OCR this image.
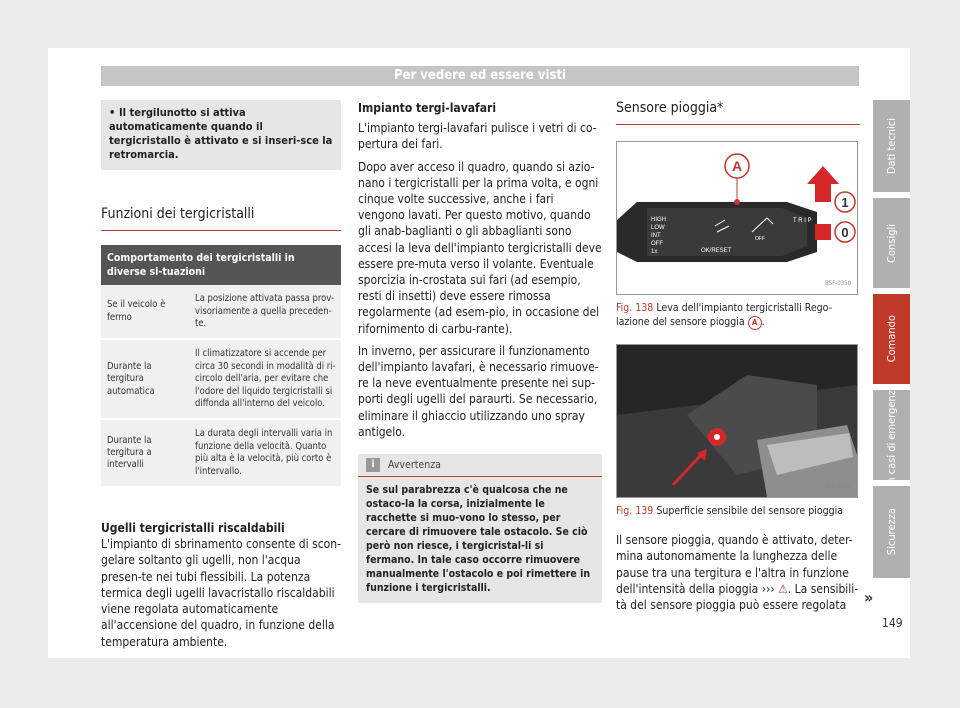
Per vedere ed essere visti
• Il tergilunotto si attiva automaticamente quando il tergicristallo è attivato e si inseri-sce la retromarcia.
Funzioni dei tergicristalli
Comportamento dei tergicristalli in diverse si-tuazioni	
Se il veicolo è fermo	La posizione attivata passa prov-visoriamente a quella preceden-te.
Durante la tergitura automatica	Il climatizzatore si accende per circa 30 secondi in modalità di ri-circolo dell'aria, per evitare che l'odore del liquido tergicristalli si diffonda all'interno del veicolo.
Durante la tergitura a intervalli	La durata degli intervalli varia in funzione della velocità. Quanto più alta è la velocità, più corto è l'intervallo.
Ugelli tergicristalli riscaldabili

L'impianto di sbrinamento consente di scon-gelare soltanto gli ugelli, non l'acqua presen-te nei tubi flessibili. La potenza termica degli ugelli lavacristallo riscaldabili viene regolata automaticamente all'accensione del quadro, in funzione della temperatura ambiente.

Impianto tergi-lavafari

L'impianto tergi-lavafari pulisce i vetri di co-pertura dei fari.

Dopo aver acceso il quadro, quando si azio-nano i tergicristalli per la prima volta, e ogni cinque volte successive, anche i fari vengono lavati. Per questo motivo, quando gli anab-baglianti o gli abbaglianti sono accesi la leva dell'impianto tergicristalli deve essere pre-muta verso il volante. Eventuale sporcizia in-crostata sui fari (ad esempio, resti di insetti) deve essere rimossa regolarmente (ad esem-pio, in occasione del rifornimento di carbu-rante).

In inverno, per assicurare il funzionamento dell'impianto lavafari, è necessario rimuove-re la neve eventualmente presente nei sup-porti degli ugelli del paraurti. Se necessario, eliminare il ghiaccio utilizzando uno spray antigelo.

i	Avvertenza
Se sul parabrezza c'è qualcosa che ne ostaco-la la corsa, inizialmente le racchette si muo-vono lo stesso, per cercare di rimuovere tale ostacolo. Se ciò però non riesce, i tergicristal-li si fermano. In tale caso occorre rimuovere manualmente l'ostacolo e poi rimettere in funzione i tergicristalli.
Sensore pioggia*
A
HIGH
LOW
INT
OFF
1x	OK/RESET
OFF
T R I P
1
0
B5F-0350
Fig. 138 Leva dell'impianto tergicristalli Rego-lazione del sensore pioggia A .
B5F-0351
Fig. 139 Superficie sensibile del sensore pioggia

Il sensore pioggia, quando è attivato, deter-mina autonomamente la lunghezza delle pause tra una tergitura e l'altra in funzione dell'intensità della pioggia ››› ⚠. La sensibili-tà del sensore pioggia può essere regolata

Dati tecnici
Consigli
Comando
In casi di emergenza
Sicurezza
»
149
